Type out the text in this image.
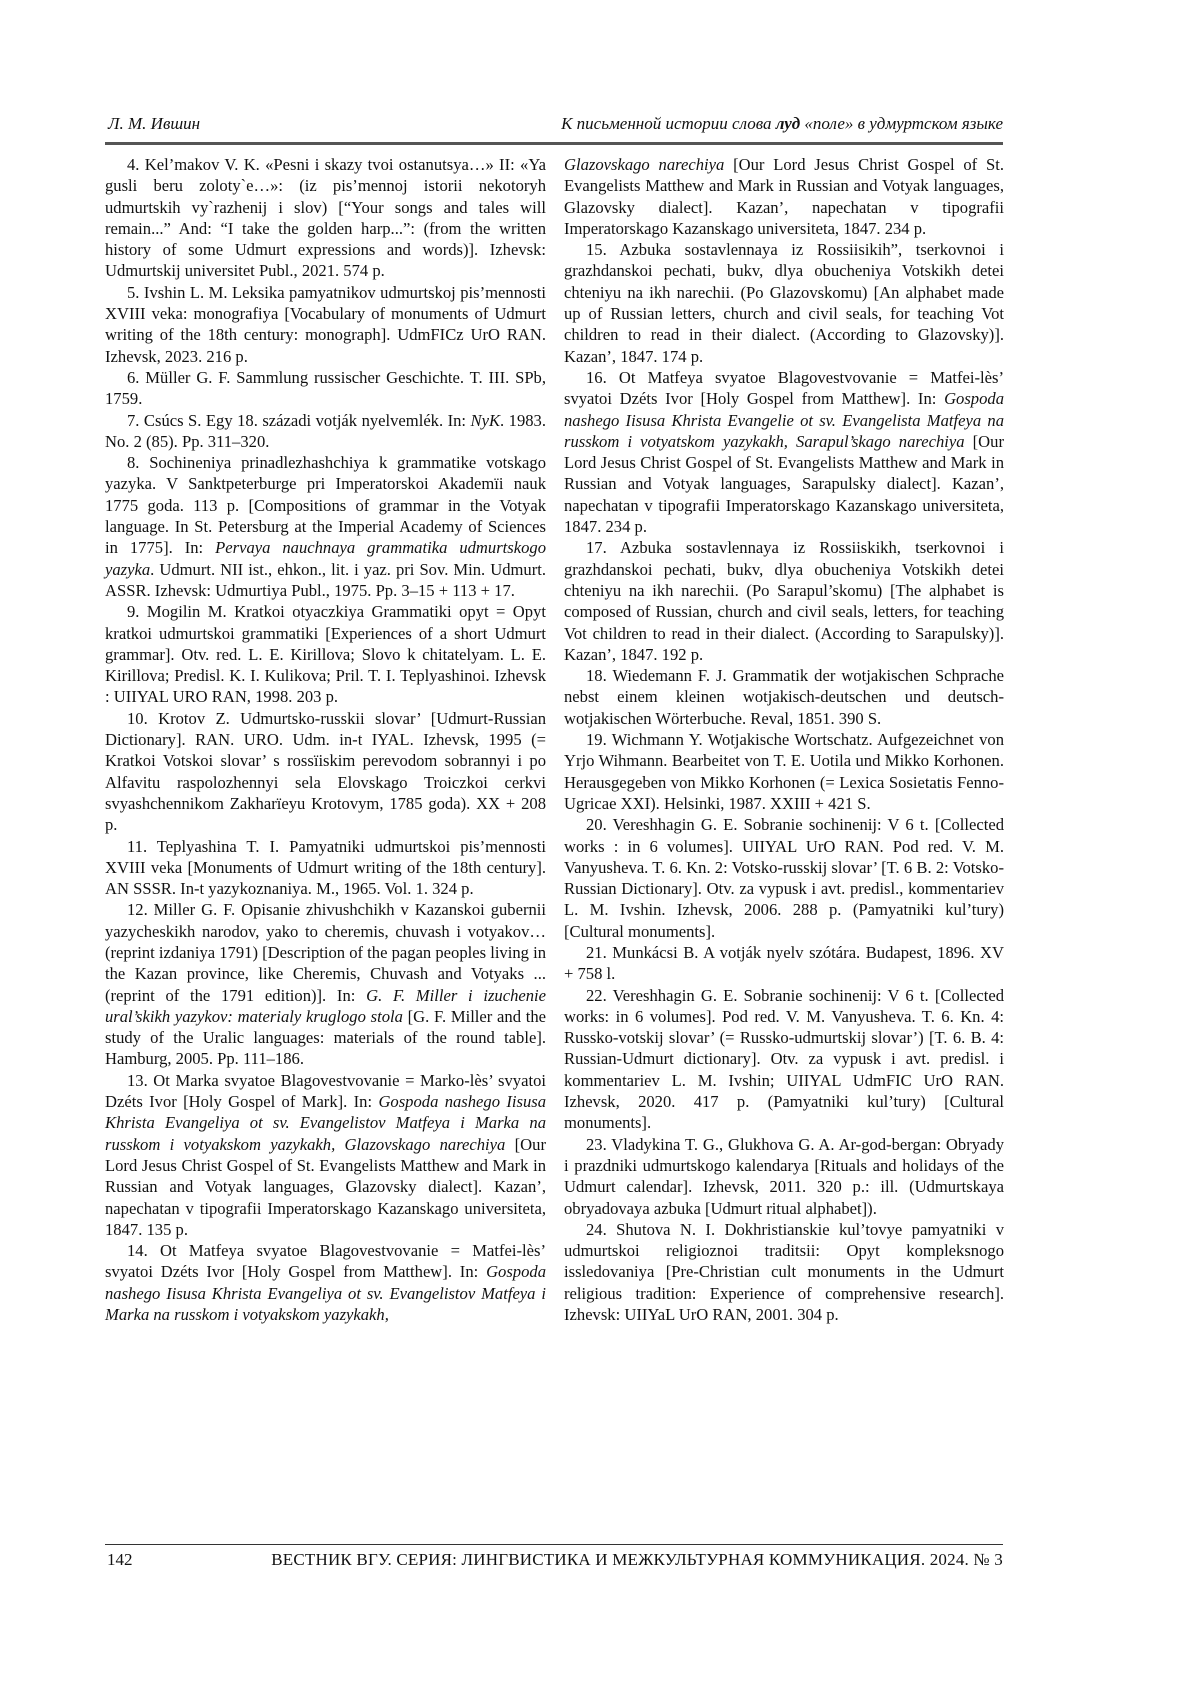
Л. М. Ившин	К письменной истории слова луд «поле» в удмуртском языке

4. Kel’makov V. K. «Pesni i skazy tvoi ostanutsya…» II: «Ya gusli beru zoloty`e…»: (iz pis’mennoj istorii nekotoryh udmurtskih vy`razhenij i slov) [“Your songs and tales will remain...” And: “I take the golden harp...”: (from the written history of some Udmurt expressions and words)]. Izhevsk: Udmurtskij universitet Publ., 2021. 574 p.

5. Ivshin L. M. Leksika pamyatnikov udmurtskoj pis’mennosti XVIII veka: monografiya [Vocabulary of monuments of Udmurt writing of the 18th century: monograph]. UdmFICz UrO RAN. Izhevsk, 2023. 216 p.

6. Müller G. F. Sammlung russischer Geschichte. T. III. SPb, 1759.

7. Csúcs S. Egy 18. századi votják nyelvemlék. In: NyK. 1983. No. 2 (85). Pp. 311–320.

8. Sochineniya prinadlezhashchiya k grammatike votskago yazyka. V Sanktpeterburge pri Imperatorskoi Akademïi nauk 1775 goda. 113 p. [Compositions of grammar in the Votyak language. In St. Petersburg at the Imperial Academy of Sciences in 1775]. In: Pervaya nauchnaya grammatika udmurtskogo yazyka. Udmurt. NII ist., ehkon., lit. i yaz. pri Sov. Min. Udmurt. ASSR. Izhevsk: Udmurtiya Publ., 1975. Pp. 3–15 + 113 + 17.

9. Mogilin M. Kratkoi otyaczkiya Grammatiki opyt = Opyt kratkoi udmurtskoi grammatiki [Experiences of a short Udmurt grammar]. Otv. red. L. E. Kirillova; Slovo k chitatelyam. L. E. Kirillova; Predisl. K. I. Kulikova; Pril. T. I. Teplyashinoi. Izhevsk : UIIYAL URO RAN, 1998. 203 p.

10. Krotov Z. Udmurtsko-russkii slovar’ [Udmurt-Russian Dictionary]. RAN. URO. Udm. in-t IYAL. Izhevsk, 1995 (= Kratkoi Votskoi slovar’ s rossïiskim perevodom sobrannyi i po Alfavitu raspolozhennyi sela Elovskago Troiczkoi cerkvi svyashchennikom Zakharïeyu Krotovym, 1785 goda). XX + 208 p.

11. Teplyashina T. I. Pamyatniki udmurtskoi pis’mennosti XVIII veka [Monuments of Udmurt writing of the 18th century]. AN SSSR. In-t yazykoznaniya. M., 1965. Vol. 1. 324 p.

12. Miller G. F. Opisanie zhivushchikh v Kazanskoi gubernii yazycheskikh narodov, yako to cheremis, chuvash i votyakov… (reprint izdaniya 1791) [Description of the pagan peoples living in the Kazan province, like Cheremis, Chuvash and Votyaks ... (reprint of the 1791 edition)]. In: G. F. Miller i izuchenie ural’skikh yazykov: materialy kruglogo stola [G. F. Miller and the study of the Uralic languages: materials of the round table]. Hamburg, 2005. Pp. 111–186.

13. Ot Marka svyatoe Blagovestvovanie = Marko-lès’ svyatoi Dzéts Ivor [Holy Gospel of Mark]. In: Gospoda nashego Iisusa Khrista Evangeliya ot sv. Evangelistov Matfeya i Marka na russkom i votyakskom yazykakh, Glazovskago narechiya [Our Lord Jesus Christ Gospel of St. Evangelists Matthew and Mark in Russian and Votyak languages, Glazovsky dialect]. Kazan’, napechatan v tipografii Imperatorskago Kazanskago universiteta, 1847. 135 p.

14. Ot Matfeya svyatoe Blagovestvovanie = Matfei-lès’ svyatoi Dzéts Ivor [Holy Gospel from Matthew]. In: Gospoda nashego Iisusa Khrista Evangeliya ot sv. Evangelistov Matfeya i Marka na russkom i votyakskom yazykakh,

Glazovskago narechiya [Our Lord Jesus Christ Gospel of St. Evangelists Matthew and Mark in Russian and Votyak languages, Glazovsky dialect]. Kazan’, napechatan v tipografii Imperatorskago Kazanskago universiteta, 1847. 234 p.

15. Azbuka sostavlennaya iz Rossiisikih”, tserkovnoi i grazhdanskoi pechati, bukv, dlya obucheniya Votskikh detei chteniyu na ikh narechii. (Po Glazovskomu) [An alphabet made up of Russian letters, church and civil seals, for teaching Vot children to read in their dialect. (According to Glazovsky)]. Kazan’, 1847. 174 p.

16. Ot Matfeya svyatoe Blagovestvovanie = Matfei-lès’ svyatoi Dzéts Ivor [Holy Gospel from Matthew]. In: Gospoda nashego Iisusa Khrista Evangelie ot sv. Evangelista Matfeya na russkom i votyatskom yazykakh, Sarapul’skago narechiya [Our Lord Jesus Christ Gospel of St. Evangelists Matthew and Mark in Russian and Votyak languages, Sarapulsky dialect]. Kazan’, napechatan v tipografii Imperatorskago Kazanskago universiteta, 1847. 234 p.

17. Azbuka sostavlennaya iz Rossiiskikh, tserkovnoi i grazhdanskoi pechati, bukv, dlya obucheniya Votskikh detei chteniyu na ikh narechii. (Po Sarapul’skomu) [The alphabet is composed of Russian, church and civil seals, letters, for teaching Vot children to read in their dialect. (According to Sarapulsky)]. Kazan’, 1847. 192 p.

18. Wiedemann F. J. Grammatik der wotjakischen Schprache nebst einem kleinen wotjakisch-deutschen und deutsch-wotjakischen Wörterbuche. Reval, 1851. 390 S.

19. Wichmann Y. Wotjakische Wortschatz. Aufgezeichnet von Yrjo Wihmann. Bearbeitet von T. E. Uotila und Mikko Korhonen. Herausgegeben von Mikko Korhonen (= Lexica Sosietatis Fenno-Ugricae XXI). Helsinki, 1987. XXIII + 421 S.

20. Vereshhagin G. E. Sobranie sochinenij: V 6 t. [Collected works : in 6 volumes]. UIIYAL UrO RAN. Pod red. V. M. Vanyusheva. T. 6. Kn. 2: Votsko-russkij slovar’ [T. 6 B. 2: Votsko-Russian Dictionary]. Otv. za vypusk i avt. predisl., kommentariev L. M. Ivshin. Izhevsk, 2006. 288 p. (Pamyatniki kul’tury) [Cultural monuments].

21. Munkácsi B. A votják nyelv szótára. Budapest, 1896. XV + 758 l.

22. Vereshhagin G. E. Sobranie sochinenij: V 6 t. [Collected works: in 6 volumes]. Pod red. V. M. Vanyusheva. T. 6. Kn. 4: Russko-votskij slovar’ (= Russko-udmurtskij slovar’) [T. 6. B. 4: Russian-Udmurt dictionary]. Otv. za vypusk i avt. predisl. i kommentariev L. M. Ivshin; UIIYAL UdmFIC UrO RAN. Izhevsk, 2020. 417 p. (Pamyatniki kul’tury) [Cultural monuments].

23. Vladykina T. G., Glukhova G. A. Ar-god-bergan: Obryady i prazdniki udmurtskogo kalendarya [Rituals and holidays of the Udmurt calendar]. Izhevsk, 2011. 320 p.: ill. (Udmurtskaya obryadovaya azbuka [Udmurt ritual alphabet]).

24. Shutova N. I. Dokhristianskie kul’tovye pamyatniki v udmurtskoi religioznoi traditsii: Opyt kompleksnogo issledovaniya [Pre-Christian cult monuments in the Udmurt religious tradition: Experience of comprehensive research]. Izhevsk: UIIYaL UrO RAN, 2001. 304 p.

142	ВЕСТНИК ВГУ. СЕРИЯ: ЛИНГВИСТИКА И МЕЖКУЛЬТУРНАЯ КОММУНИКАЦИЯ. 2024. № 3
